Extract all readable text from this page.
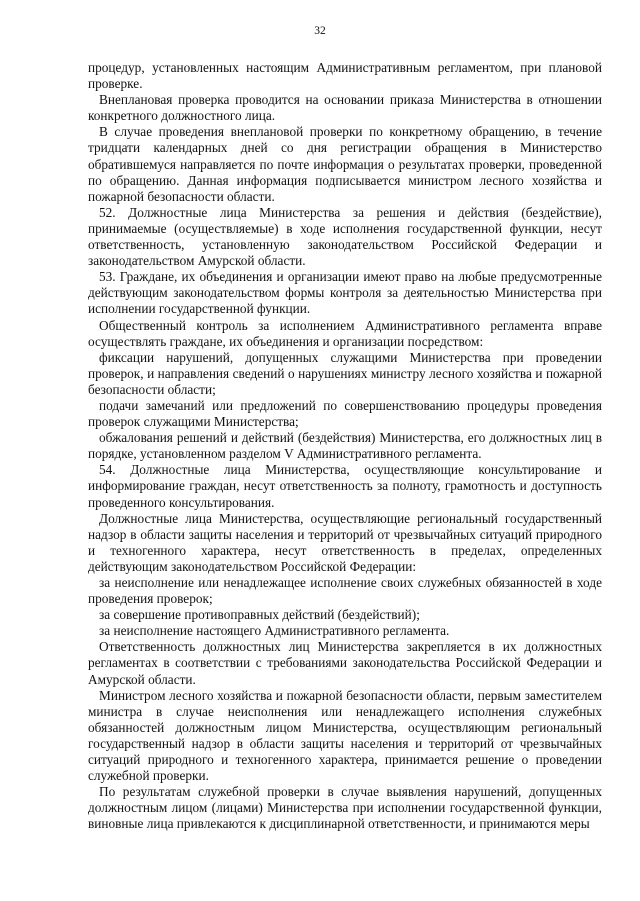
32

процедур, установленных настоящим Административным регламентом, при плановой проверке.

Внеплановая проверка проводится на основании приказа Министерства в отношении конкретного должностного лица.

В случае проведения внеплановой проверки по конкретному обращению, в течение тридцати календарных дней со дня регистрации обращения в Министерство обратившемуся направляется по почте информация о результатах проверки, проведенной по обращению. Данная информация подписывается министром лесного хозяйства и пожарной безопасности области.

52. Должностные лица Министерства за решения и действия (бездействие), принимаемые (осуществляемые) в ходе исполнения государственной функции, несут ответственность, установленную законодательством Российской Федерации и законодательством Амурской области.

53. Граждане, их объединения и организации имеют право на любые предусмотренные действующим законодательством формы контроля за деятельностью Министерства при исполнении государственной функции.

Общественный контроль за исполнением Административного регламента вправе осуществлять граждане, их объединения и организации посредством:

фиксации нарушений, допущенных служащими Министерства при проведении проверок, и направления сведений о нарушениях министру лесного хозяйства и пожарной безопасности области;

подачи замечаний или предложений по совершенствованию процедуры проведения проверок служащими Министерства;

обжалования решений и действий (бездействия) Министерства, его должностных лиц в порядке, установленном разделом V Административного регламента.

54. Должностные лица Министерства, осуществляющие консультирование и информирование граждан, несут ответственность за полноту, грамотность и доступность проведенного консультирования.

Должностные лица Министерства, осуществляющие региональный государственный надзор в области защиты населения и территорий от чрезвычайных ситуаций природного и техногенного характера, несут ответственность в пределах, определенных действующим законодательством Российской Федерации:

за неисполнение или ненадлежащее исполнение своих служебных обязанностей в ходе проведения проверок;

за совершение противоправных действий (бездействий);

за неисполнение настоящего Административного регламента.

Ответственность должностных лиц Министерства закрепляется в их должностных регламентах в соответствии с требованиями законодательства Российской Федерации и Амурской области.

Министром лесного хозяйства и пожарной безопасности области, первым заместителем министра в случае неисполнения или ненадлежащего исполнения служебных обязанностей должностным лицом Министерства, осуществляющим региональный государственный надзор в области защиты населения и территорий от чрезвычайных ситуаций природного и техногенного характера, принимается решение о проведении служебной проверки.

По результатам служебной проверки в случае выявления нарушений, допущенных должностным лицом (лицами) Министерства при исполнении государственной функции, виновные лица привлекаются к дисциплинарной ответственности, и принимаются меры
